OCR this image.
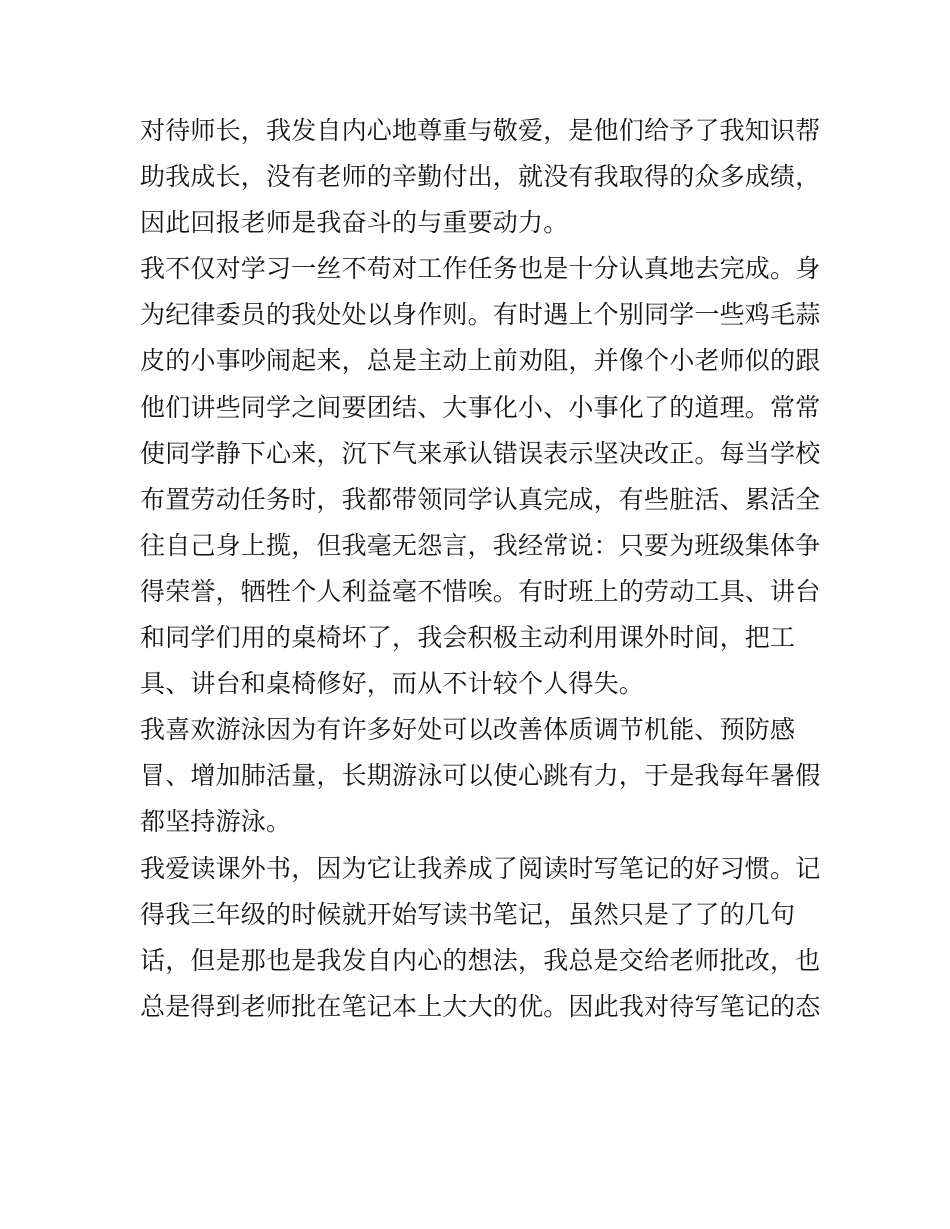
对待师长，我发自内心地尊重与敬爱，是他们给予了我知识帮
助我成长，没有老师的辛勤付出，就没有我取得的众多成绩，
因此回报老师是我奋斗的与重要动力。
我不仅对学习一丝不苟对工作任务也是十分认真地去完成。身
为纪律委员的我处处以身作则。有时遇上个别同学一些鸡毛蒜
皮的小事吵闹起来，总是主动上前劝阻，并像个小老师似的跟
他们讲些同学之间要团结、大事化小、小事化了的道理。常常
使同学静下心来，沉下气来承认错误表示坚决改正。每当学校
布置劳动任务时，我都带领同学认真完成，有些脏活、累活全
往自己身上揽，但我毫无怨言，我经常说：只要为班级集体争
得荣誉，牺牲个人利益毫不惜唉。有时班上的劳动工具、讲台
和同学们用的桌椅坏了，我会积极主动利用课外时间，把工
具、讲台和桌椅修好，而从不计较个人得失。
我喜欢游泳因为有许多好处可以改善体质调节机能、预防感
冒、增加肺活量，长期游泳可以使心跳有力，于是我每年暑假
都坚持游泳。
我爱读课外书，因为它让我养成了阅读时写笔记的好习惯。记
得我三年级的时候就开始写读书笔记，虽然只是了了的几句
话，但是那也是我发自内心的想法，我总是交给老师批改，也
总是得到老师批在笔记本上大大的优。因此我对待写笔记的态
